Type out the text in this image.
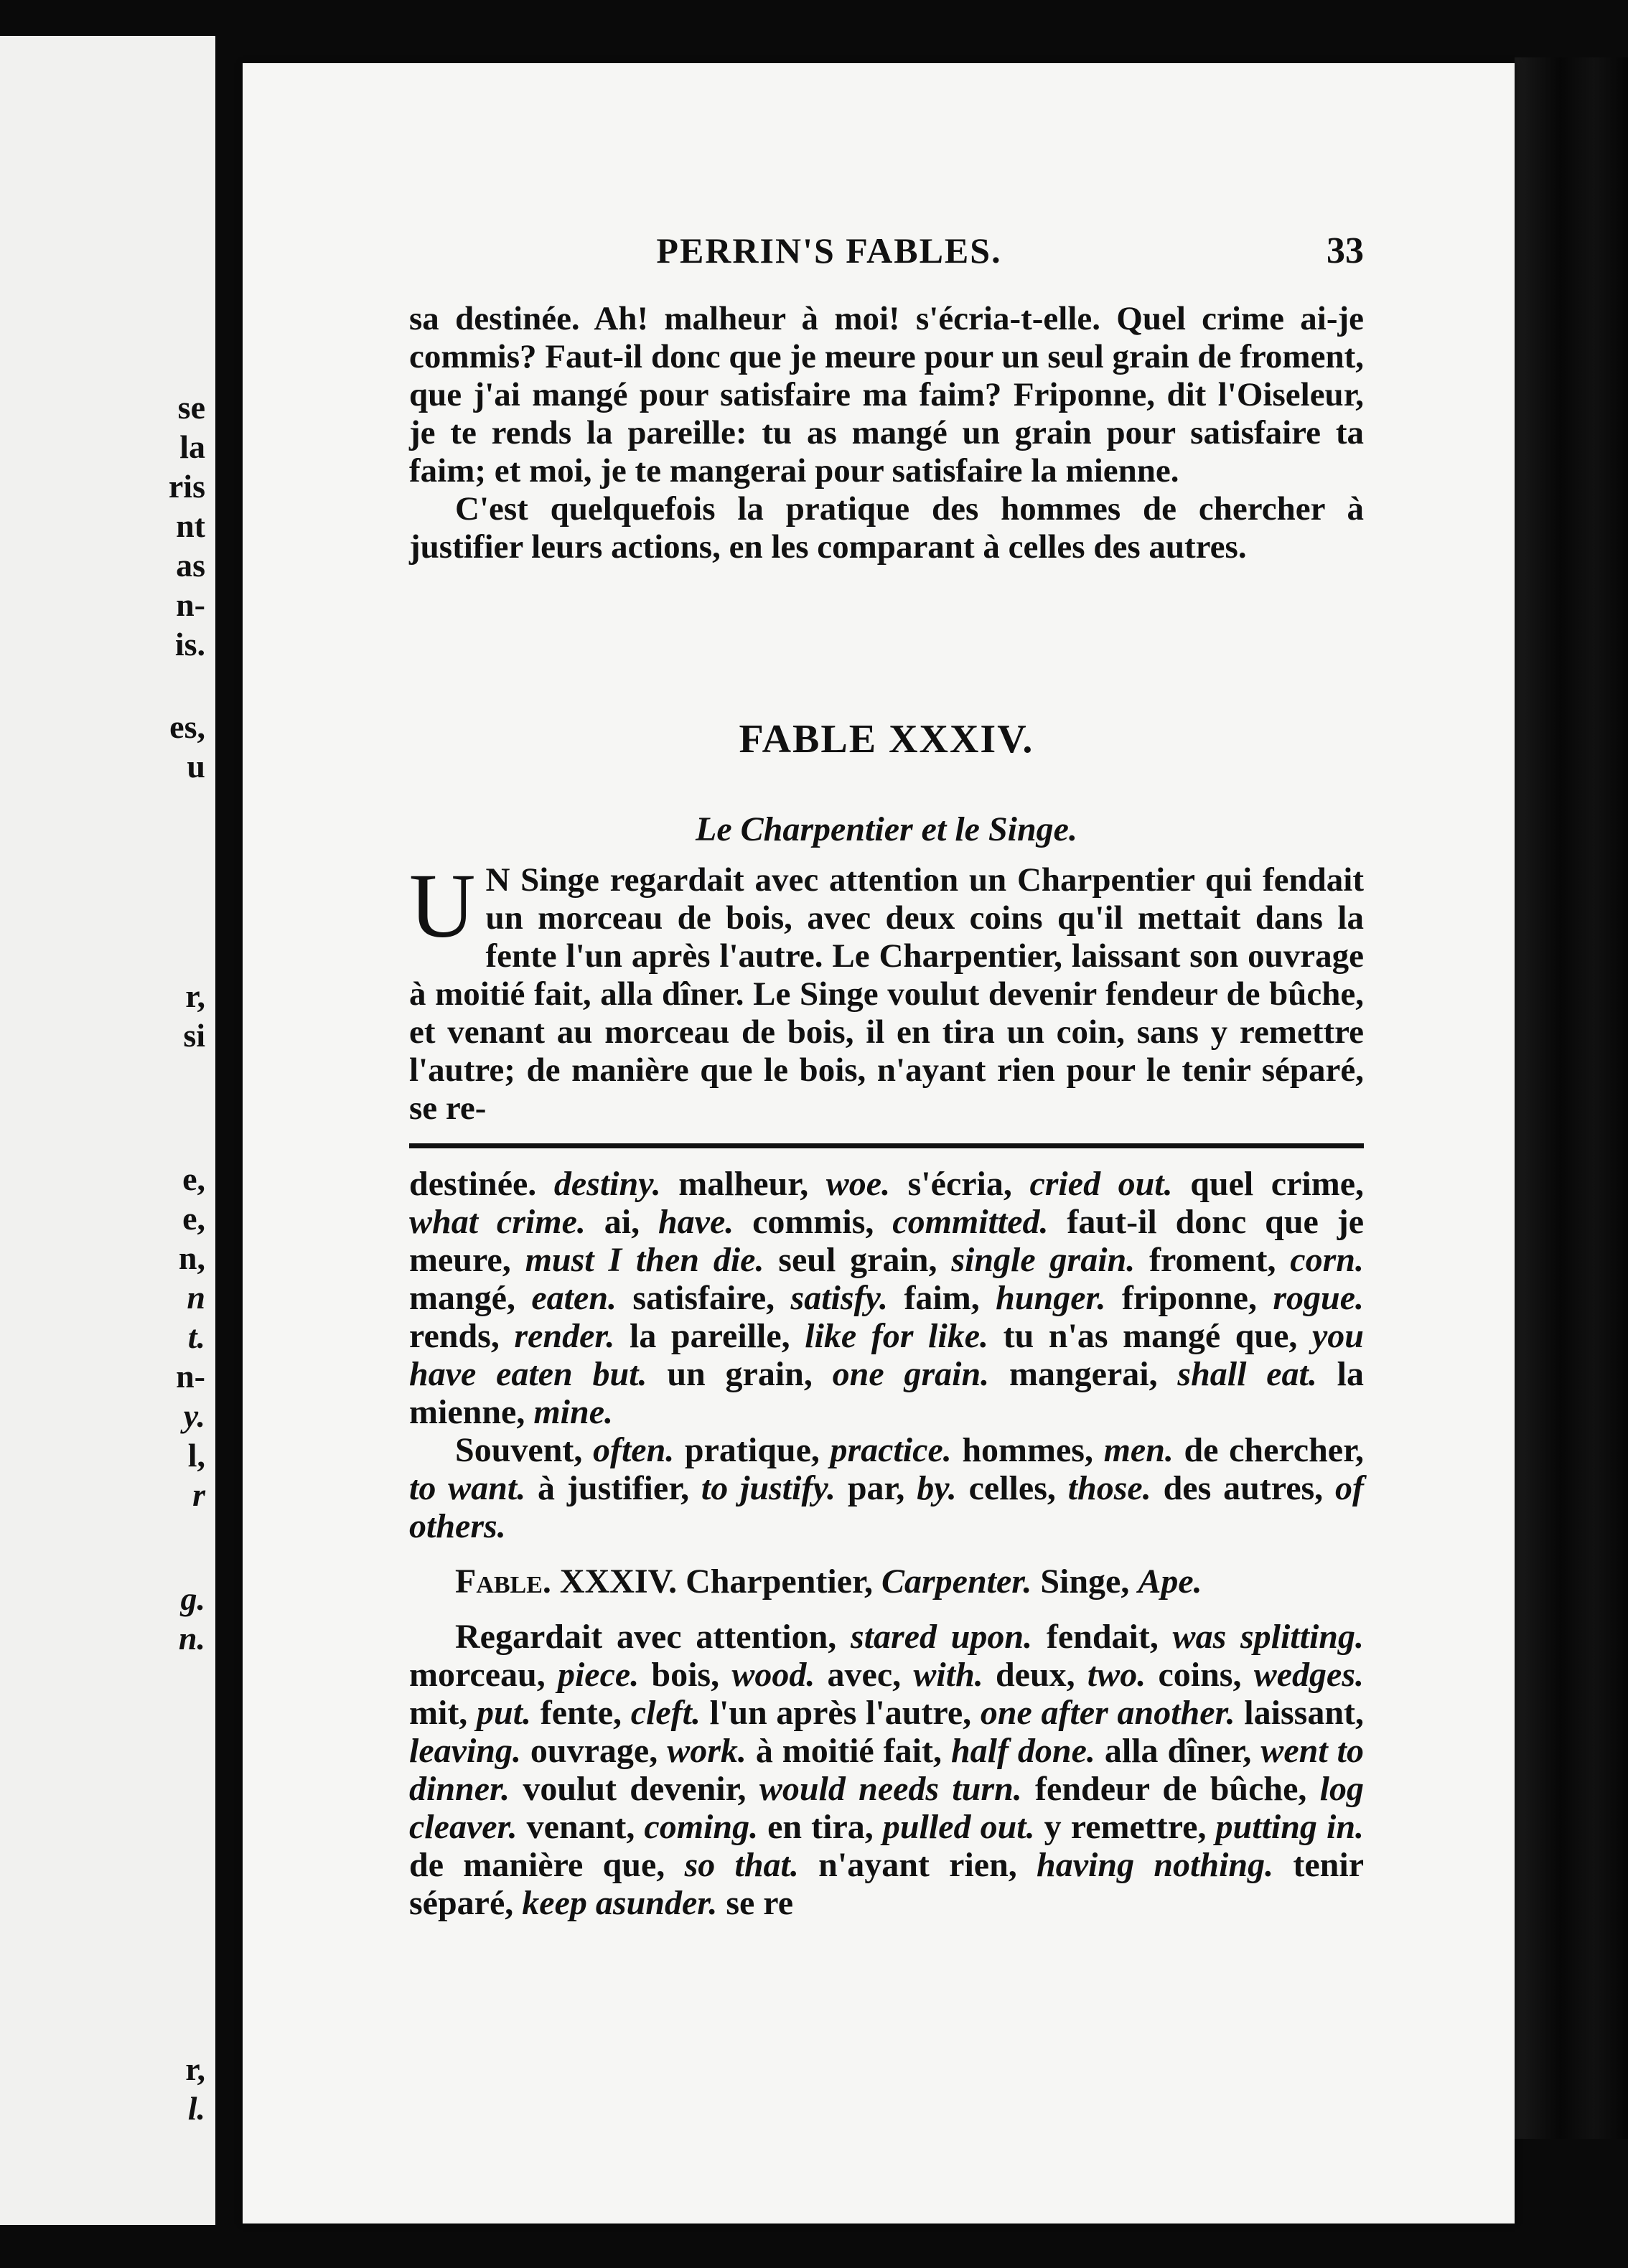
se
la
ris
nt
as
n-
is.
es,
u
r,
si
e,
e,
n,
n
t.
n-
y.
l,
r
g.
n.
r,
l.
PERRIN'S FABLES.	33

sa destinée. Ah! malheur à moi! s'écria-t-elle. Quel crime ai-je commis? Faut-il donc que je meure pour un seul grain de froment, que j'ai mangé pour satisfaire ma faim? Friponne, dit l'Oiseleur, je te rends la pareille: tu as mangé un grain pour satisfaire ta faim; et moi, je te mangerai pour satisfaire la mienne.

C'est quelquefois la pratique des hommes de chercher à justifier leurs actions, en les comparant à celles des autres.

FABLE XXXIV.
Le Charpentier et le Singe.

U N Singe regardait avec attention un Charpentier qui fendait un morceau de bois, avec deux coins qu'il mettait dans la fente l'un après l'autre. Le Charpentier, laissant son ouvrage à moitié fait, alla dîner. Le Singe voulut devenir fendeur de bûche, et venant au morceau de bois, il en tira un coin, sans y remettre l'autre; de manière que le bois, n'ayant rien pour le tenir séparé, se re-

destinée. destiny. malheur, woe. s'écria, cried out. quel crime, what crime. ai, have. commis, committed. faut-il donc que je meure, must I then die. seul grain, single grain. froment, corn. mangé, eaten. satisfaire, satisfy. faim, hunger. friponne, rogue. rends, render. la pareille, like for like. tu n'as mangé que, you have eaten but. un grain, one grain. mangerai, shall eat. la mienne, mine.

Souvent, often. pratique, practice. hommes, men. de chercher, to want. à justifier, to justify. par, by. celles, those. des autres, of others.

Fable. XXXIV. Charpentier, Carpenter. Singe, Ape.

Regardait avec attention, stared upon. fendait, was splitting. morceau, piece. bois, wood. avec, with. deux, two. coins, wedges. mit, put. fente, cleft. l'un après l'autre, one after another. laissant, leaving. ouvrage, work. à moitié fait, half done. alla dîner, went to dinner. voulut devenir, would needs turn. fendeur de bûche, log cleaver. venant, coming. en tira, pulled out. y remettre, putting in. de manière que, so that. n'ayant rien, having nothing. tenir séparé, keep asunder. se re
